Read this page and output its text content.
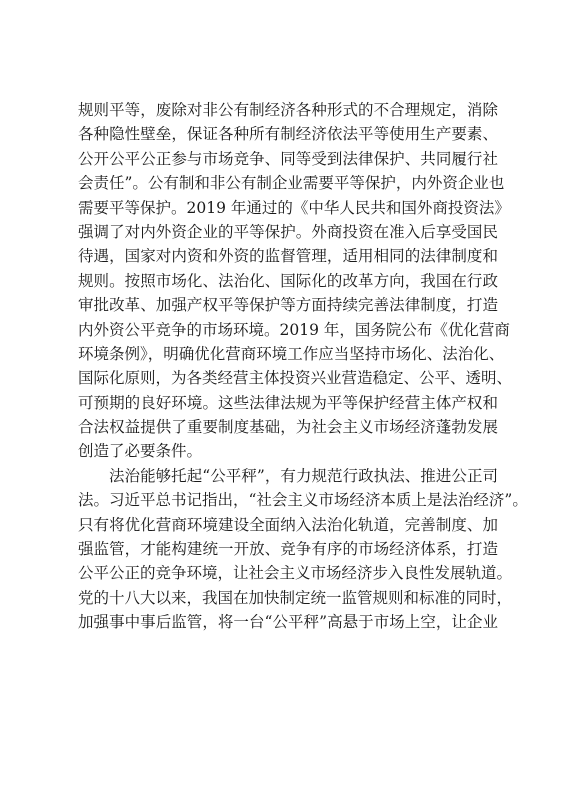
规则平等，废除对非公有制经济各种形式的不合理规定，消除
各种隐性壁垒，保证各种所有制经济依法平等使用生产要素、
公开公平公正参与市场竞争、同等受到法律保护、共同履行社
会责任”。公有制和非公有制企业需要平等保护，内外资企业也
需要平等保护。2019 年通过的《中华人民共和国外商投资法》
强调了对内外资企业的平等保护。外商投资在准入后享受国民
待遇，国家对内资和外资的监督管理，适用相同的法律制度和
规则。按照市场化、法治化、国际化的改革方向，我国在行政
审批改革、加强产权平等保护等方面持续完善法律制度，打造
内外资公平竞争的市场环境。2019 年，国务院公布《优化营商
环境条例》，明确优化营商环境工作应当坚持市场化、法治化、
国际化原则，为各类经营主体投资兴业营造稳定、公平、透明、
可预期的良好环境。这些法律法规为平等保护经营主体产权和
合法权益提供了重要制度基础，为社会主义市场经济蓬勃发展
创造了必要条件。
法治能够托起“公平秤”，有力规范行政执法、推进公正司
法。习近平总书记指出，“社会主义市场经济本质上是法治经济”。
只有将优化营商环境建设全面纳入法治化轨道，完善制度、加
强监管，才能构建统一开放、竞争有序的市场经济体系，打造
公平公正的竞争环境，让社会主义市场经济步入良性发展轨道。
党的十八大以来，我国在加快制定统一监管规则和标准的同时，
加强事中事后监管，将一台“公平秤”高悬于市场上空，让企业
